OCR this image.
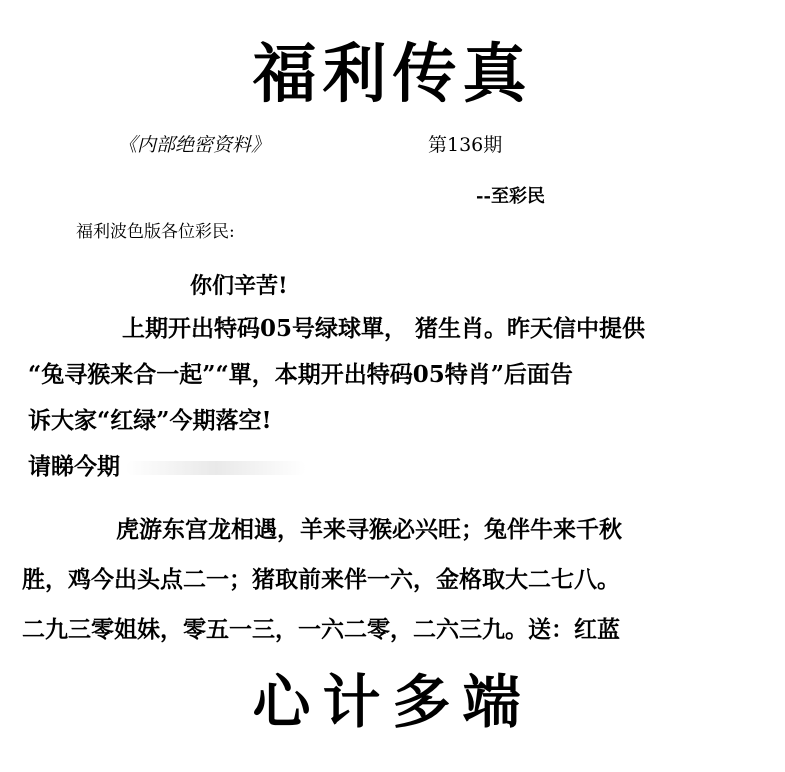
福利传真
《内部绝密资料》	第136期
--至彩民
福利波色版各位彩民:
你们辛苦!
上期开出特码05号绿球單， 猪生肖。昨天信中提供
“兔寻猴来合一起”“單，本期开出特码05特肖”后面告
诉大家“红绿”今期落空!
请睇今期
虎游东宫龙相遇，羊来寻猴必兴旺；兔伴牛来千秋
胜，鸡今出头点二一；猪取前来伴一六，金格取大二七八。
二九三零姐妹，零五一三，一六二零，二六三九。送：红蓝
心计多端
